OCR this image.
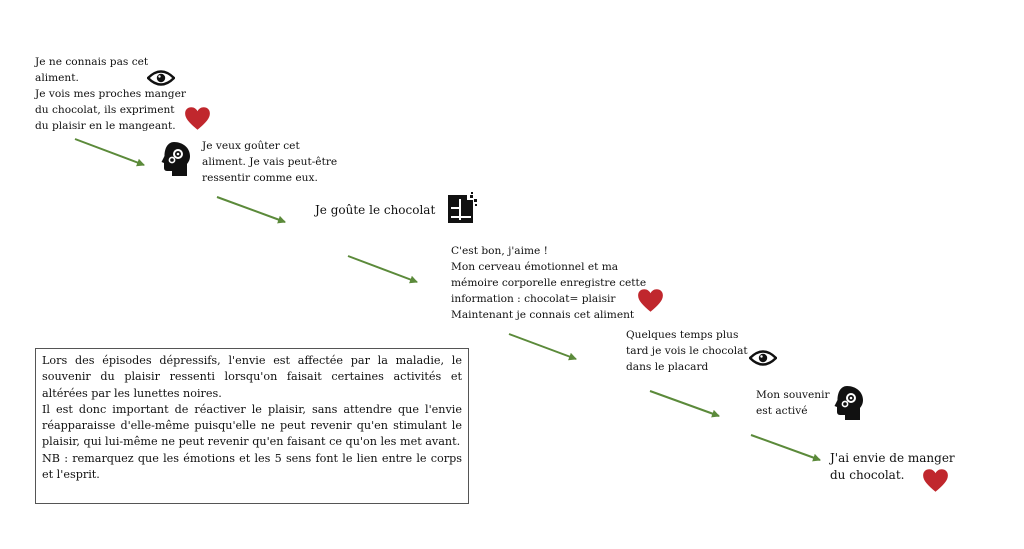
Je ne connais pas cet
aliment.
Je vois mes proches manger
du chocolat, ils expriment
du plaisir en le mangeant.
Je veux goûter cet
aliment. Je vais peut-être
ressentir comme eux.
Je goûte le chocolat
C'est bon, j'aime !
Mon cerveau émotionnel et ma
mémoire corporelle enregistre cette
information : chocolat= plaisir
Maintenant je connais cet aliment
Quelques temps plus
tard je vois le chocolat
dans le placard
Mon souvenir
est activé
J'ai envie de manger
du chocolat.
Lors des épisodes dépressifs, l'envie est affectée par la maladie, le souvenir du plaisir ressenti lorsqu'on faisait certaines activités et altérées par les lunettes noires.
Il est donc important de réactiver le plaisir, sans attendre que l'envie réapparaisse d'elle-même puisqu'elle ne peut revenir qu'en stimulant le plaisir, qui lui-même ne peut revenir qu'en faisant ce qu'on les met avant.
NB : remarquez que les émotions et les 5 sens font le lien entre le corps et l'esprit.
